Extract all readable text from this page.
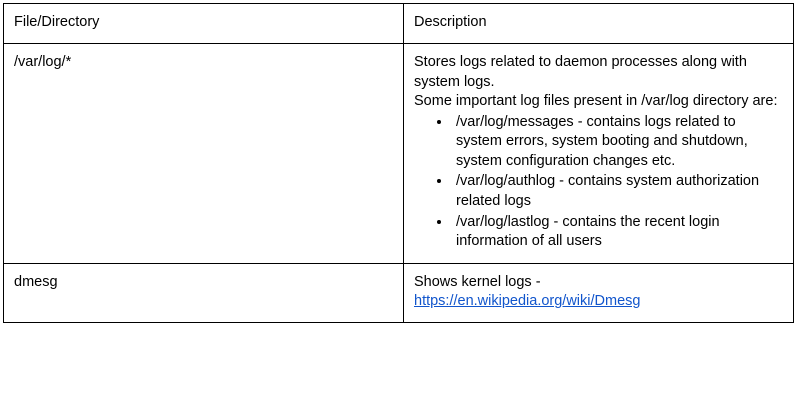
File/Directory	Description
/var/log/*	Stores logs related to daemon processes along with system logs.
Some important log files present in /var/log directory are:
• /var/log/messages - contains logs related to system errors, system booting and shutdown, system configuration changes etc.
• /var/log/authlog - contains system authorization related logs
• /var/log/lastlog - contains the recent login information of all users

dmesg	Shows kernel logs -
https://en.wikipedia.org/wiki/Dmesg
